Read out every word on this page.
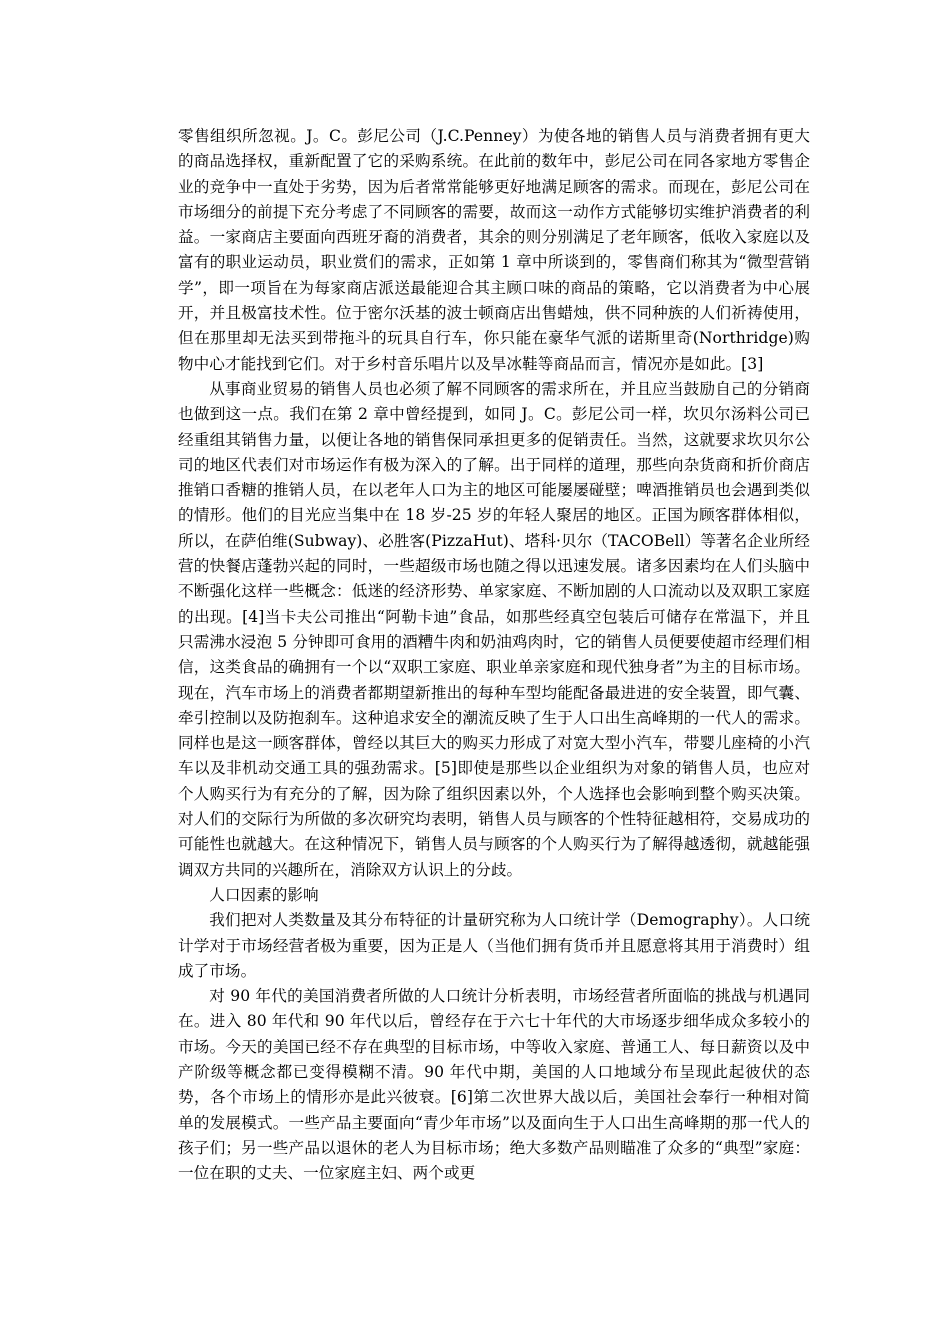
零售组织所忽视。J。C。彭尼公司（J.C.Penney）为使各地的销售人员与消费者拥有更大的商品选择权，重新配置了它的采购系统。在此前的数年中，彭尼公司在同各家地方零售企业的竞争中一直处于劣势，因为后者常常能够更好地满足顾客的需求。而现在，彭尼公司在市场细分的前提下充分考虑了不同顾客的需要，故而这一动作方式能够切实维护消费者的利益。一家商店主要面向西班牙裔的消费者，其余的则分别满足了老年顾客，低收入家庭以及富有的职业运动员，职业赏们的需求，正如第 1 章中所谈到的，零售商们称其为“微型营销学”，即一项旨在为每家商店派送最能迎合其主顾口味的商品的策略，它以消费者为中心展开，并且极富技术性。位于密尔沃基的波士顿商店出售蜡烛，供不同种族的人们祈祷使用，但在那里却无法买到带拖斗的玩具自行车，你只能在豪华气派的诺斯里奇(Northridge)购物中心才能找到它们。对于乡村音乐唱片以及旱冰鞋等商品而言，情况亦是如此。[3]

从事商业贸易的销售人员也必须了解不同顾客的需求所在，并且应当鼓励自己的分销商也做到这一点。我们在第 2 章中曾经提到，如同 J。C。彭尼公司一样，坎贝尔汤料公司已经重组其销售力量，以便让各地的销售保同承担更多的促销责任。当然，这就要求坎贝尔公司的地区代表们对市场运作有极为深入的了解。出于同样的道理，那些向杂货商和折价商店推销口香糖的推销人员，在以老年人口为主的地区可能屡屡碰壁；啤酒推销员也会遇到类似的情形。他们的目光应当集中在 18 岁-25 岁的年轻人聚居的地区。正国为顾客群体相似，所以，在萨伯维(Subway)、必胜客(PizzaHut)、塔科·贝尔（TACOBell）等著名企业所经营的快餐店蓬勃兴起的同时，一些超级市场也随之得以迅速发展。诸多因素均在人们头脑中不断强化这样一些概念：低迷的经济形势、单家家庭、不断加剧的人口流动以及双职工家庭的出现。[4]当卡夫公司推出“阿勒卡迪”食品，如那些经真空包装后可储存在常温下，并且只需沸水浸泡 5 分钟即可食用的酒糟牛肉和奶油鸡肉时，它的销售人员便要使超市经理们相信，这类食品的确拥有一个以“双职工家庭、职业单亲家庭和现代独身者”为主的目标市场。现在，汽车市场上的消费者都期望新推出的每种车型均能配备最进进的安全装置，即气囊、牵引控制以及防抱刹车。这种追求安全的潮流反映了生于人口出生高峰期的一代人的需求。同样也是这一顾客群体，曾经以其巨大的购买力形成了对宽大型小汽车，带婴儿座椅的小汽车以及非机动交通工具的强劲需求。[5]即使是那些以企业组织为对象的销售人员，也应对个人购买行为有充分的了解，因为除了组织因素以外，个人选择也会影响到整个购买决策。对人们的交际行为所做的多次研究均表明，销售人员与顾客的个性特征越相符，交易成功的可能性也就越大。在这种情况下，销售人员与顾客的个人购买行为了解得越透彻，就越能强调双方共同的兴趣所在，消除双方认识上的分歧。

人口因素的影响

我们把对人类数量及其分布特征的计量研究称为人口统计学（Demography）。人口统计学对于市场经营者极为重要，因为正是人（当他们拥有货币并且愿意将其用于消费时）组成了市场。

对 90 年代的美国消费者所做的人口统计分析表明，市场经营者所面临的挑战与机遇同在。进入 80 年代和 90 年代以后，曾经存在于六七十年代的大市场逐步细华成众多较小的市场。今天的美国已经不存在典型的目标市场，中等收入家庭、普通工人、每日薪资以及中产阶级等概念都已变得模糊不清。90 年代中期，美国的人口地域分布呈现此起彼伏的态势，各个市场上的情形亦是此兴彼衰。[6]第二次世界大战以后，美国社会奉行一种相对简单的发展模式。一些产品主要面向“青少年市场”以及面向生于人口出生高峰期的那一代人的孩子们；另一些产品以退休的老人为目标市场；绝大多数产品则瞄准了众多的“典型”家庭：一位在职的丈夫、一位家庭主妇、两个或更
